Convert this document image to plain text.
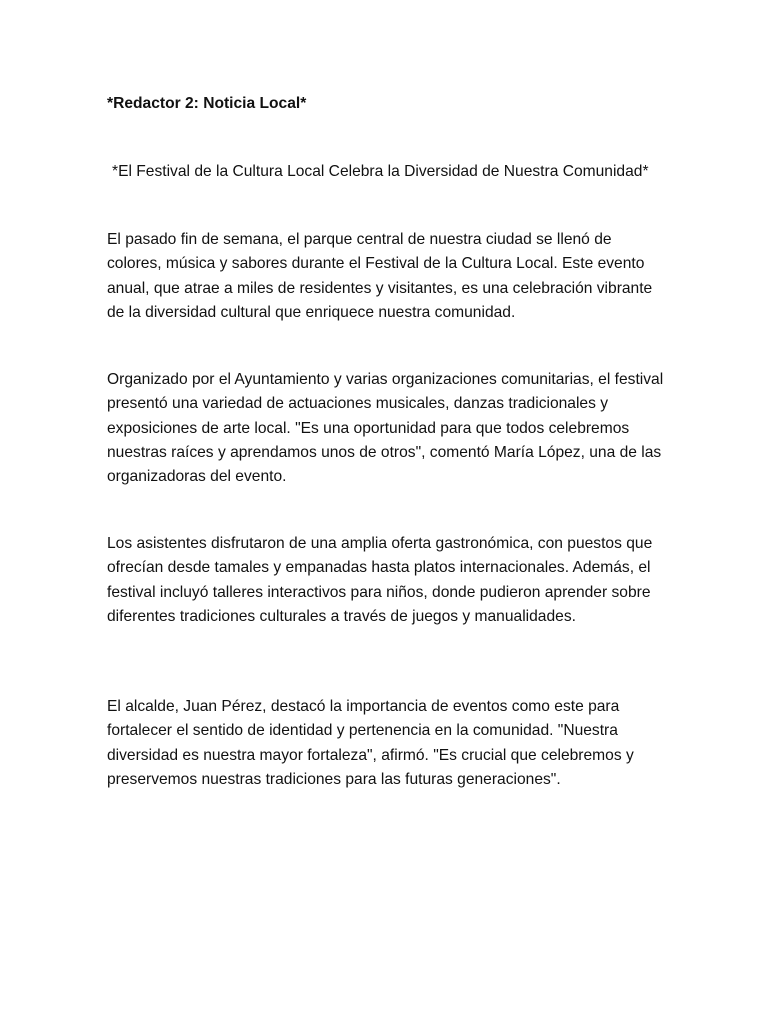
*Redactor 2: Noticia Local*

*El Festival de la Cultura Local Celebra la Diversidad de Nuestra Comunidad*

El pasado fin de semana, el parque central de nuestra ciudad se llenó de colores, música y sabores durante el Festival de la Cultura Local. Este evento anual, que atrae a miles de residentes y visitantes, es una celebración vibrante de la diversidad cultural que enriquece nuestra comunidad.

Organizado por el Ayuntamiento y varias organizaciones comunitarias, el festival presentó una variedad de actuaciones musicales, danzas tradicionales y exposiciones de arte local. "Es una oportunidad para que todos celebremos nuestras raíces y aprendamos unos de otros", comentó María López, una de las organizadoras del evento.

Los asistentes disfrutaron de una amplia oferta gastronómica, con puestos que ofrecían desde tamales y empanadas hasta platos internacionales. Además, el festival incluyó talleres interactivos para niños, donde pudieron aprender sobre diferentes tradiciones culturales a través de juegos y manualidades.

El alcalde, Juan Pérez, destacó la importancia de eventos como este para fortalecer el sentido de identidad y pertenencia en la comunidad. "Nuestra diversidad es nuestra mayor fortaleza", afirmó. "Es crucial que celebremos y preservemos nuestras tradiciones para las futuras generaciones".
